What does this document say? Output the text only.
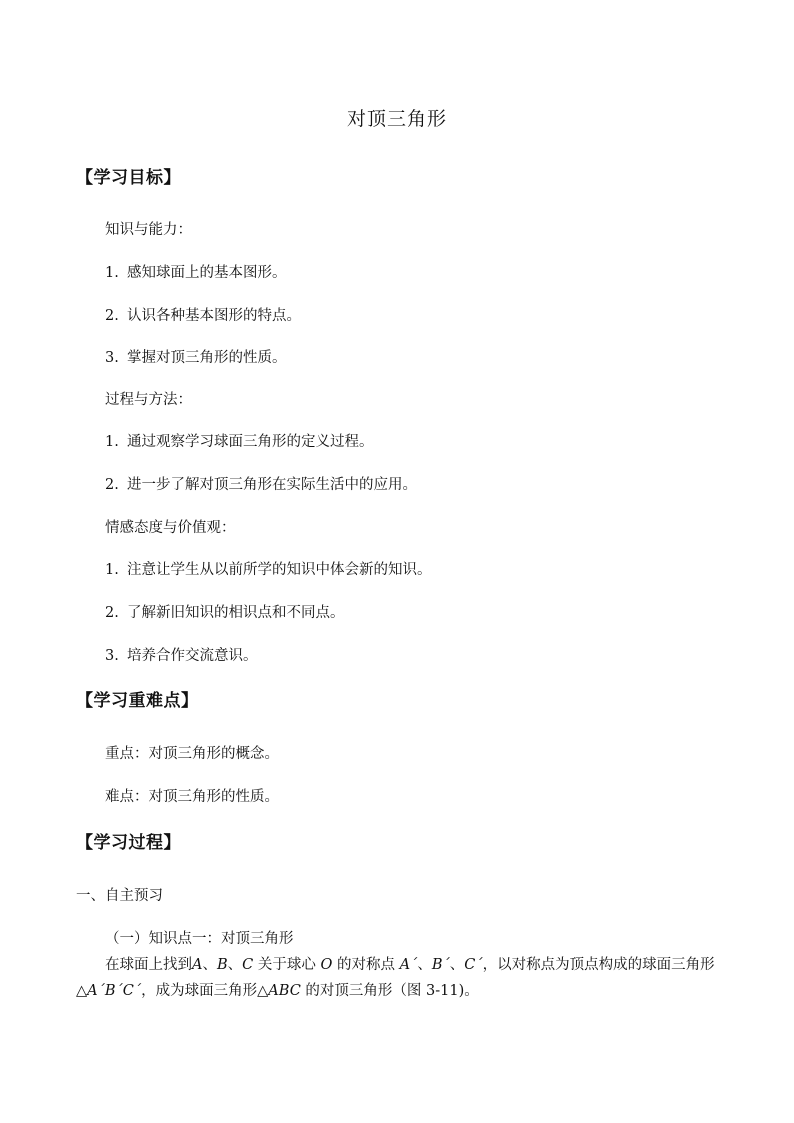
对顶三角形
【学习目标】
知识与能力：
1. 感知球面上的基本图形。
2. 认识各种基本图形的特点。
3. 掌握对顶三角形的性质。
过程与方法：
1. 通过观察学习球面三角形的定义过程。
2. 进一步了解对顶三角形在实际生活中的应用。
情感态度与价值观：
1. 注意让学生从以前所学的知识中体会新的知识。
2. 了解新旧知识的相识点和不同点。
3. 培养合作交流意识。
【学习重难点】
重点：对顶三角形的概念。
难点：对顶三角形的性质。
【学习过程】
一、自主预习
（一）知识点一：对顶三角形
在球面上找到A、B、C 关于球心 O 的对称点 A´、B´、C´，以对称点为顶点构成的球面三角形△A´B´C´，成为球面三角形△ABC 的对顶三角形（图 3-11)。
